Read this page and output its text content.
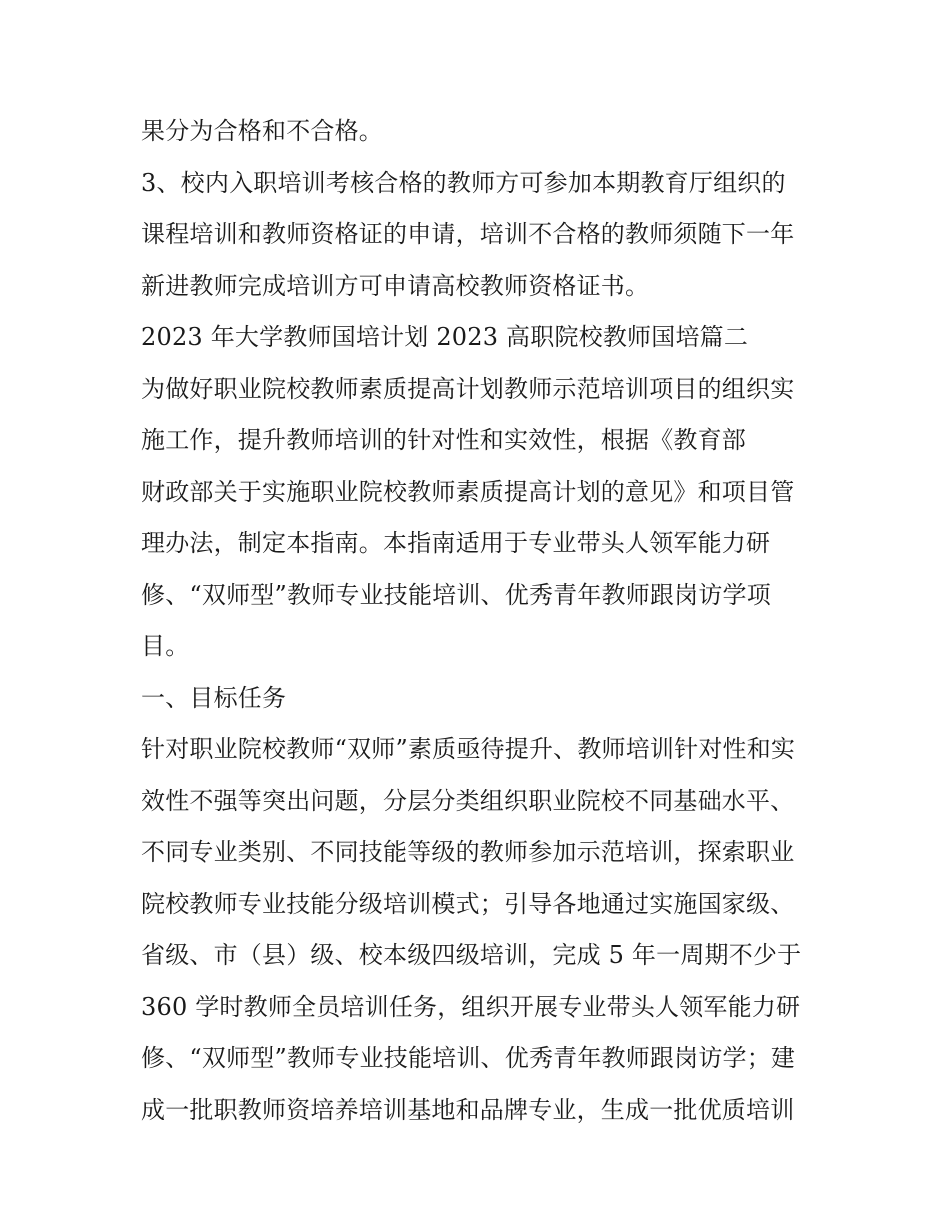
果分为合格和不合格。
3、校内入职培训考核合格的教师方可参加本期教育厅组织的
课程培训和教师资格证的申请，培训不合格的教师须随下一年
新进教师完成培训方可申请高校教师资格证书。
2023 年大学教师国培计划 2023 高职院校教师国培篇二
为做好职业院校教师素质提高计划教师示范培训项目的组织实
施工作，提升教师培训的针对性和实效性，根据《教育部
财政部关于实施职业院校教师素质提高计划的意见》和项目管
理办法，制定本指南。本指南适用于专业带头人领军能力研
修、“双师型”教师专业技能培训、优秀青年教师跟岗访学项
目。
一、目标任务
针对职业院校教师“双师”素质亟待提升、教师培训针对性和实
效性不强等突出问题，分层分类组织职业院校不同基础水平、
不同专业类别、不同技能等级的教师参加示范培训，探索职业
院校教师专业技能分级培训模式；引导各地通过实施国家级、
省级、市（县）级、校本级四级培训，完成 5 年一周期不少于
360 学时教师全员培训任务，组织开展专业带头人领军能力研
修、“双师型”教师专业技能培训、优秀青年教师跟岗访学；建
成一批职教师资培养培训基地和品牌专业，生成一批优质培训
